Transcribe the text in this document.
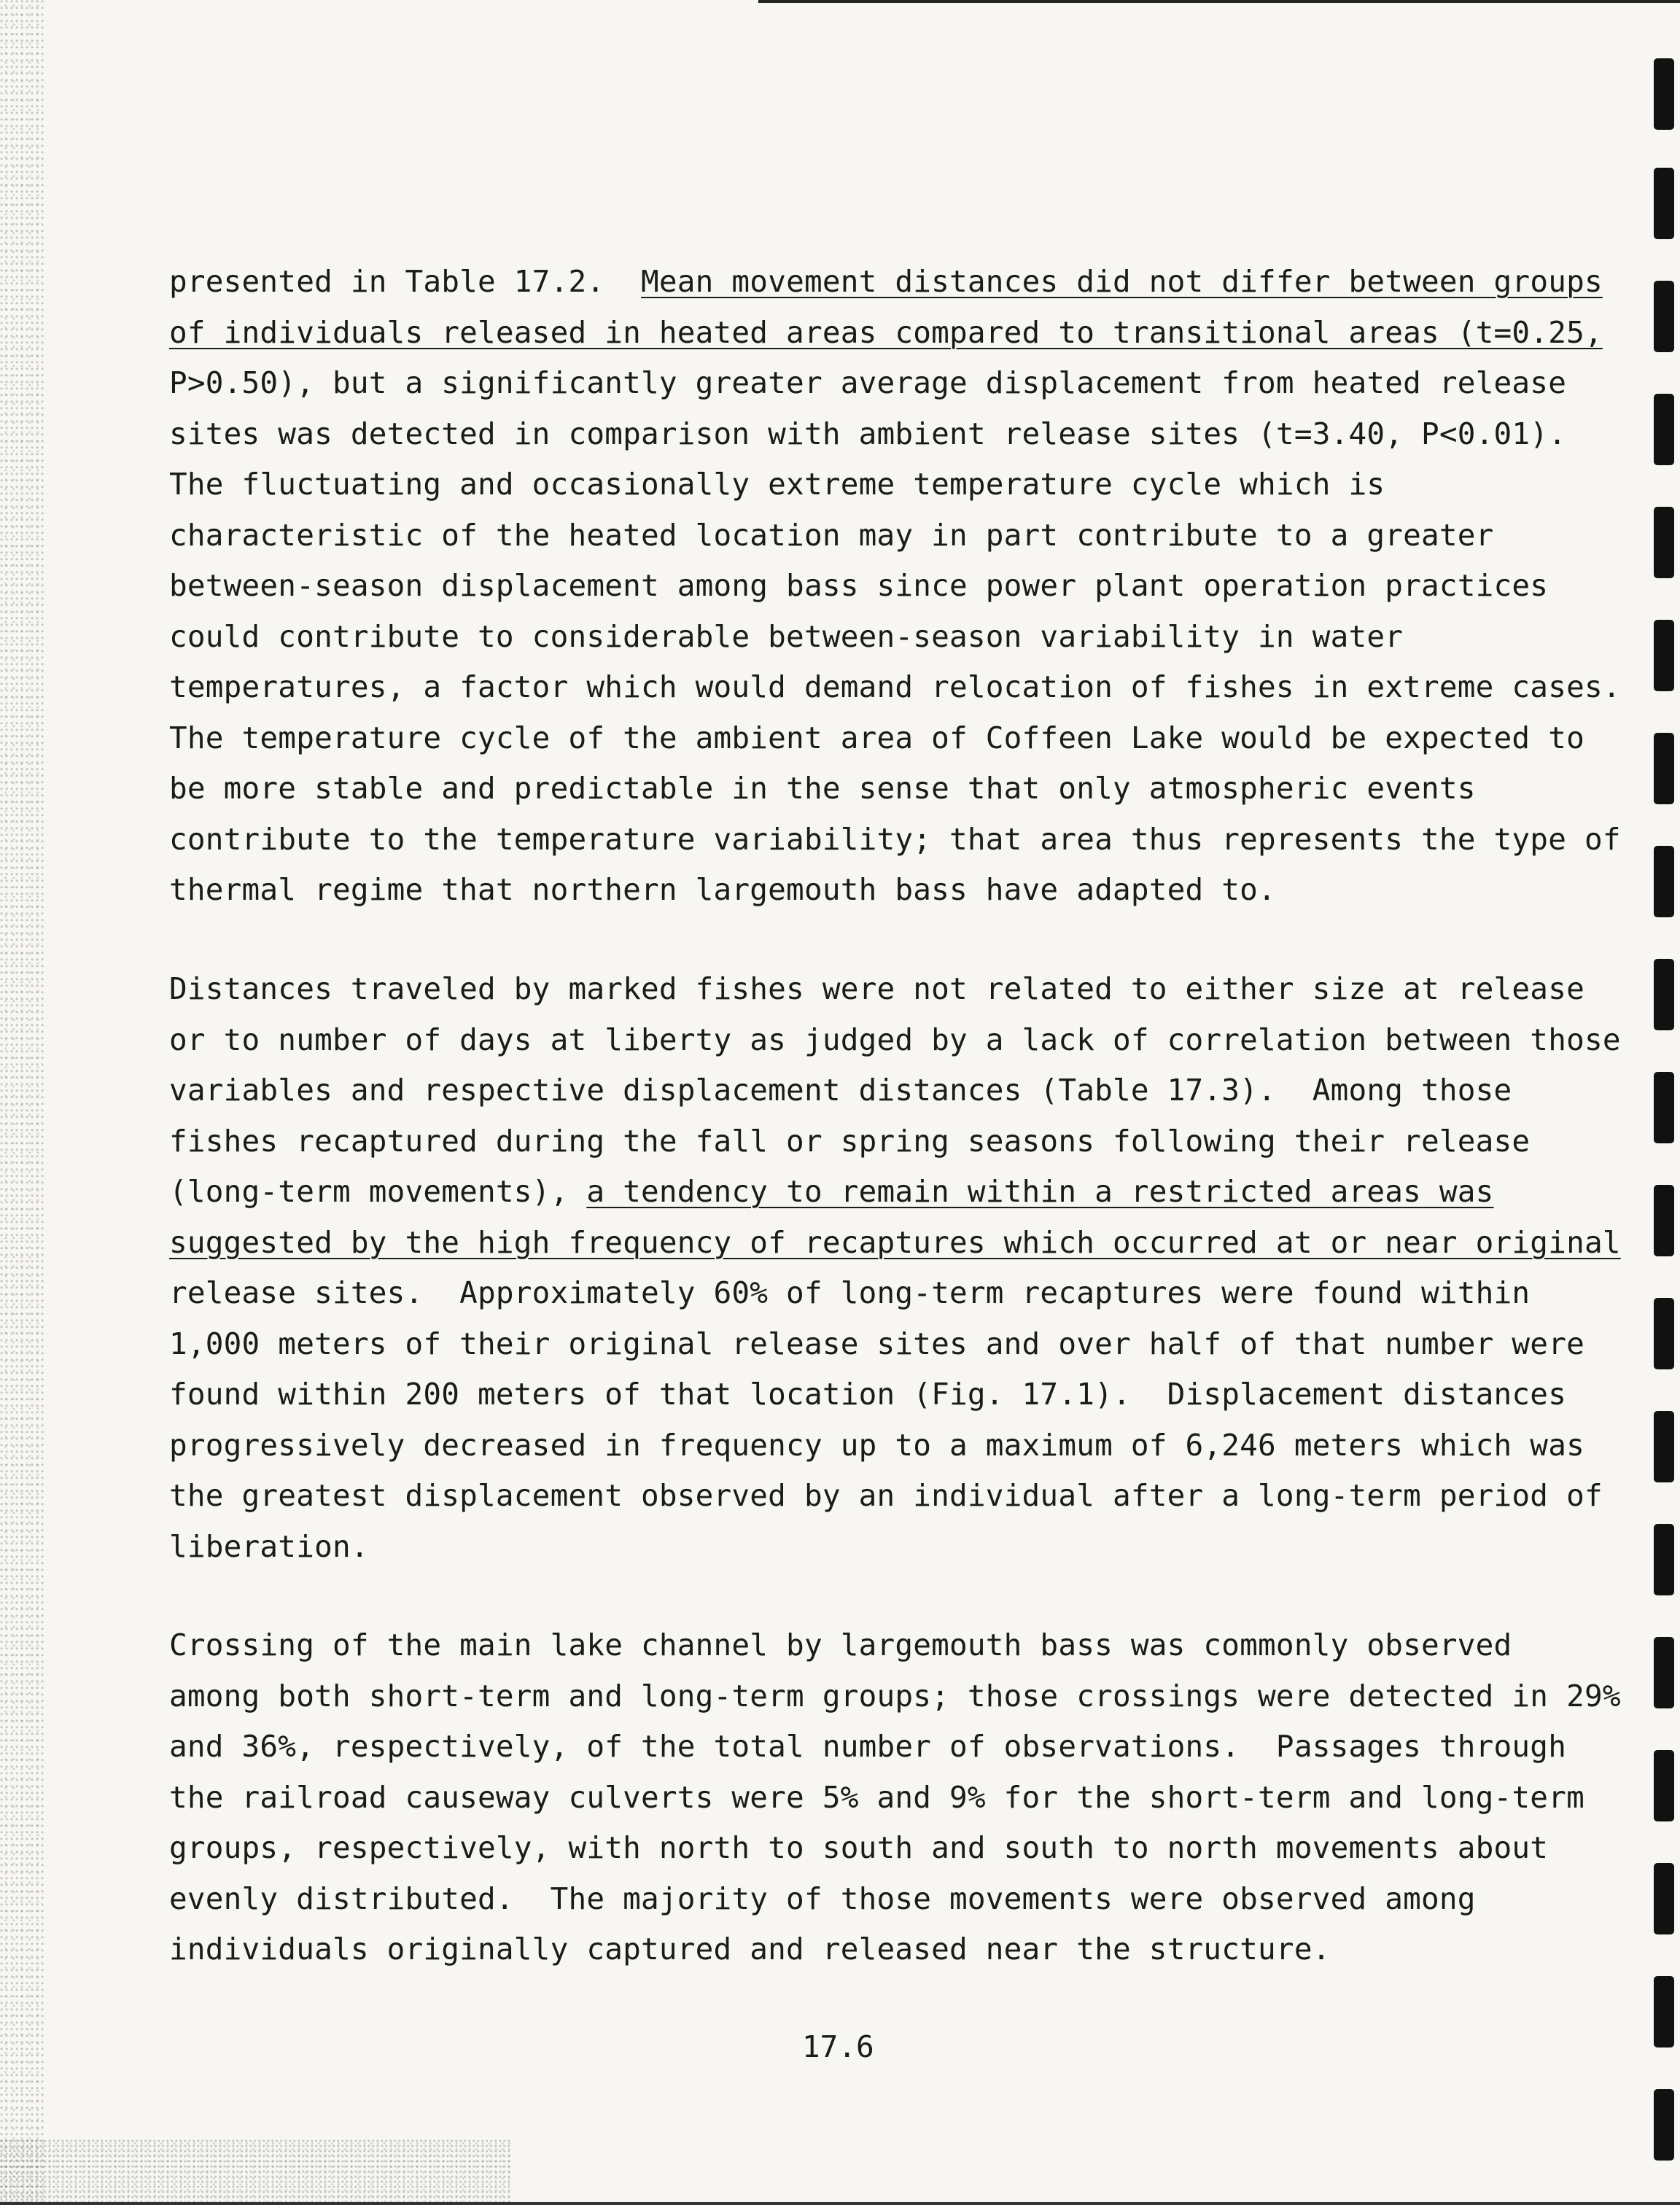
presented in Table 17.2.  Mean movement distances did not differ between groups
of individuals released in heated areas compared to transitional areas (t=0.25,
P>0.50), but a significantly greater average displacement from heated release
sites was detected in comparison with ambient release sites (t=3.40, P<0.01).
The fluctuating and occasionally extreme temperature cycle which is
characteristic of the heated location may in part contribute to a greater
between-season displacement among bass since power plant operation practices
could contribute to considerable between-season variability in water
temperatures, a factor which would demand relocation of fishes in extreme cases.
The temperature cycle of the ambient area of Coffeen Lake would be expected to
be more stable and predictable in the sense that only atmospheric events
contribute to the temperature variability; that area thus represents the type of
thermal regime that northern largemouth bass have adapted to.
Distances traveled by marked fishes were not related to either size at release
or to number of days at liberty as judged by a lack of correlation between those
variables and respective displacement distances (Table 17.3).  Among those
fishes recaptured during the fall or spring seasons following their release
(long-term movements), a tendency to remain within a restricted areas was
suggested by the high frequency of recaptures which occurred at or near original
release sites.  Approximately 60% of long-term recaptures were found within
1,000 meters of their original release sites and over half of that number were
found within 200 meters of that location (Fig. 17.1).  Displacement distances
progressively decreased in frequency up to a maximum of 6,246 meters which was
the greatest displacement observed by an individual after a long-term period of
liberation.
Crossing of the main lake channel by largemouth bass was commonly observed
among both short-term and long-term groups; those crossings were detected in 29%
and 36%, respectively, of the total number of observations.  Passages through
the railroad causeway culverts were 5% and 9% for the short-term and long-term
groups, respectively, with north to south and south to north movements about
evenly distributed.  The majority of those movements were observed among
individuals originally captured and released near the structure.
17.6
